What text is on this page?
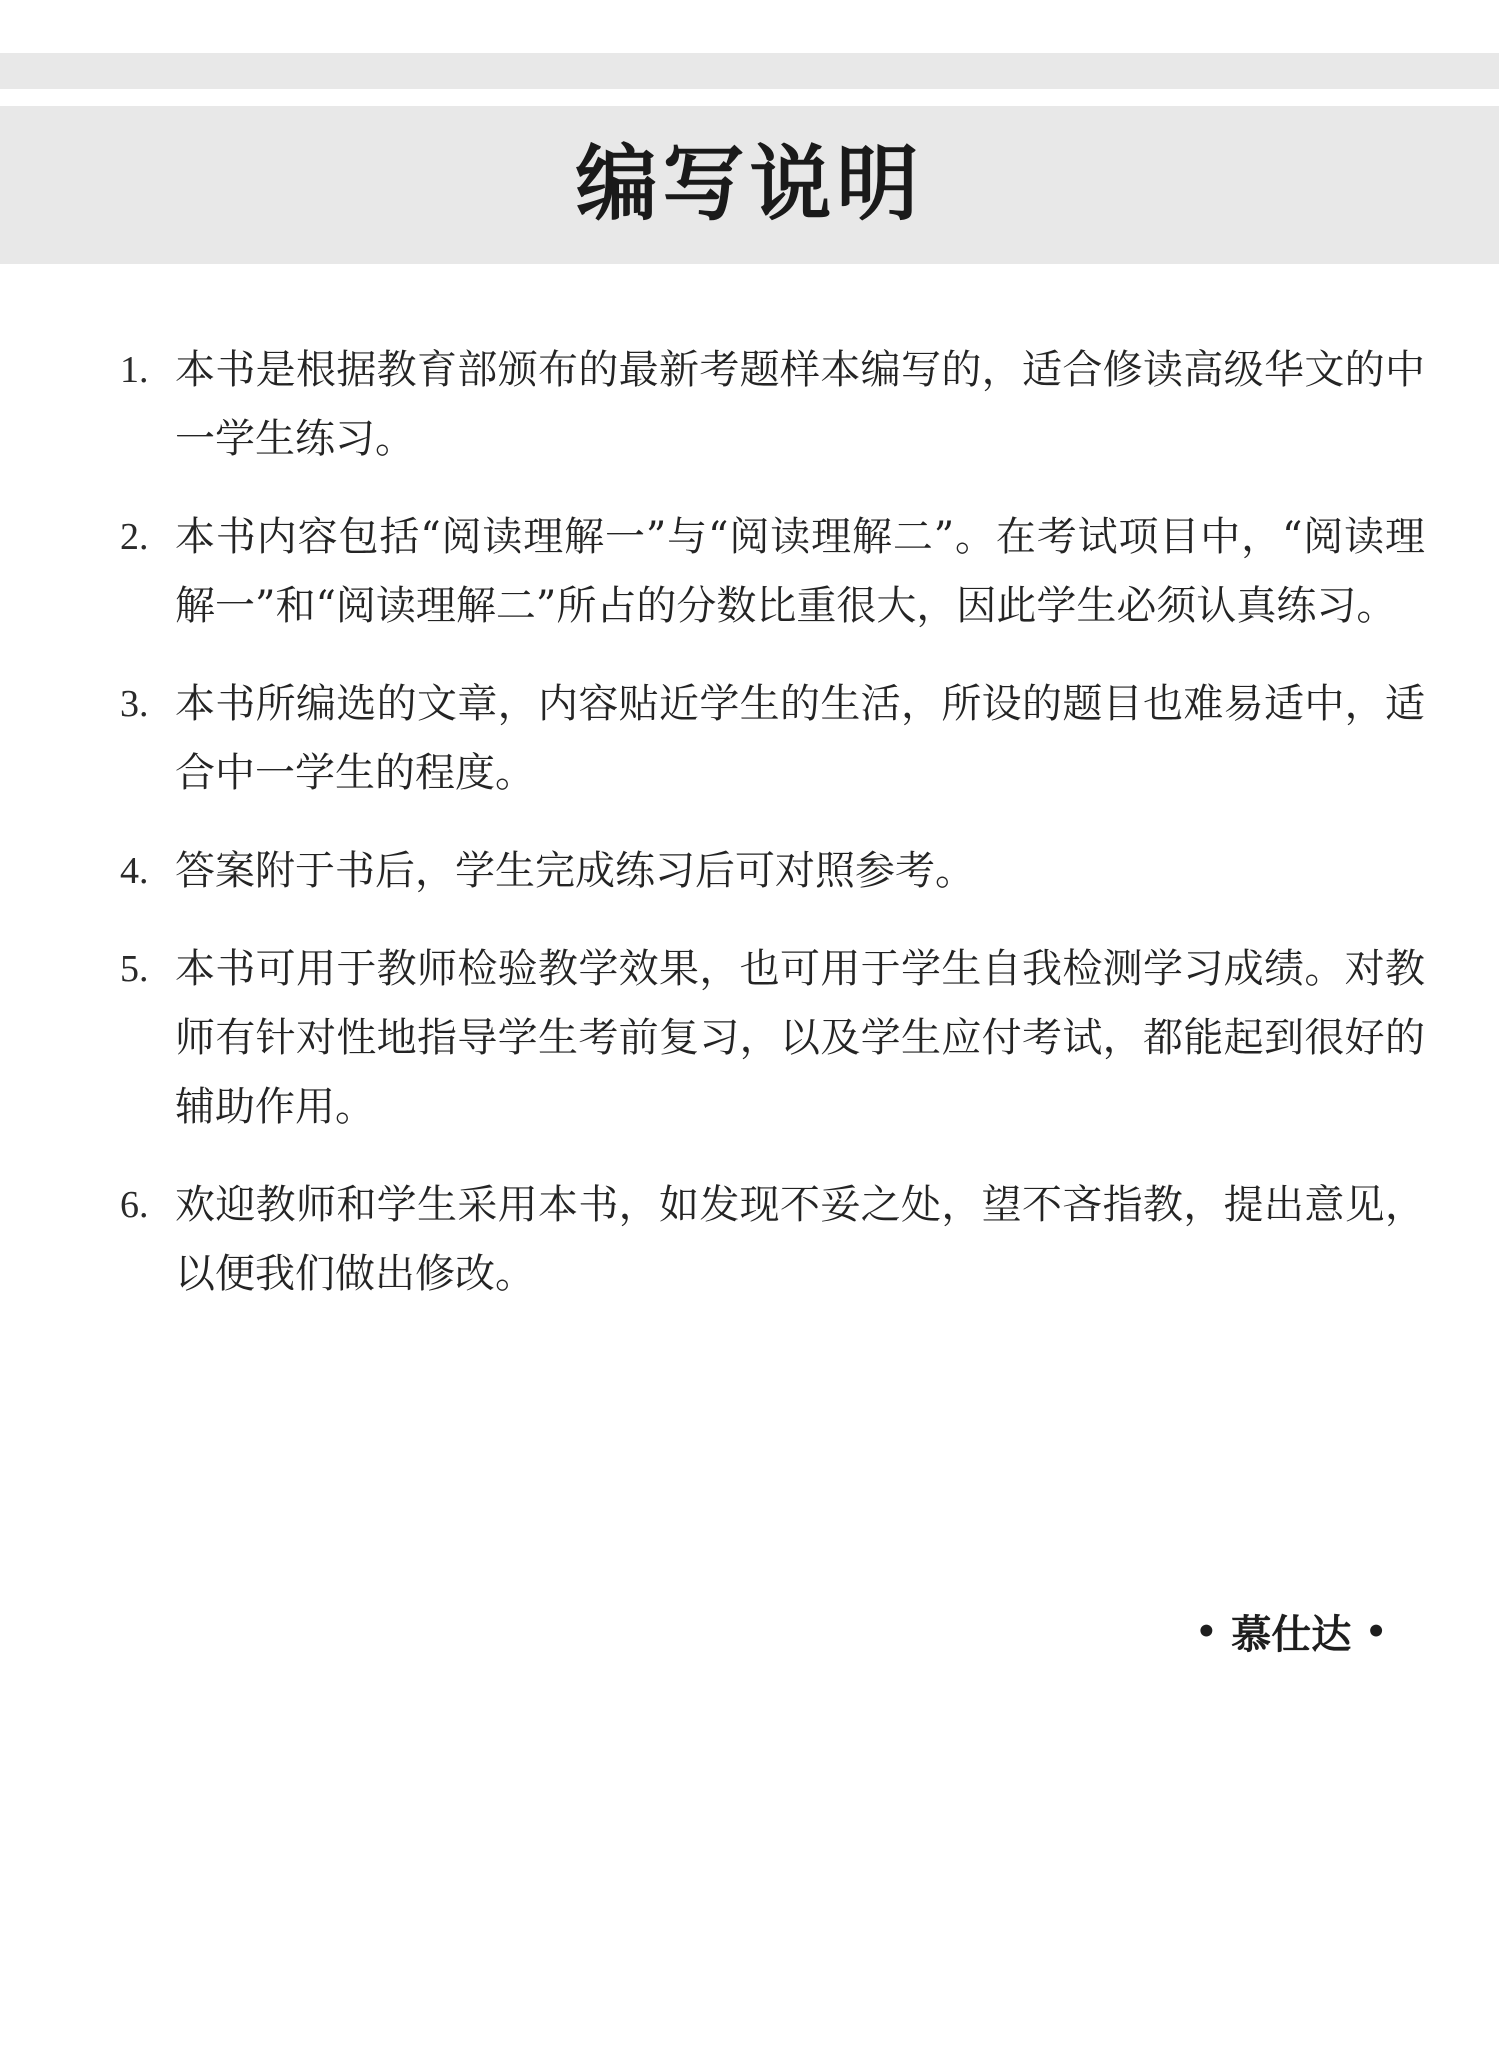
编写说明
1. 本书是根据教育部颁布的最新考题样本编写的，适合修读高级华文的中一学生练习。

2. 本书内容包括“阅读理解一”与“阅读理解二”。在考试项目中，“阅读理解一”和“阅读理解二”所占的分数比重很大，因此学生必须认真练习。

3. 本书所编选的文章，内容贴近学生的生活，所设的题目也难易适中，适合中一学生的程度。

4. 答案附于书后，学生完成练习后可对照参考。

5. 本书可用于教师检验教学效果，也可用于学生自我检测学习成绩。对教师有针对性地指导学生考前复习，以及学生应付考试，都能起到很好的辅助作用。

6. 欢迎教师和学生采用本书，如发现不妥之处，望不吝指教，提出意见，以便我们做出修改。

• 慕仕达 •
